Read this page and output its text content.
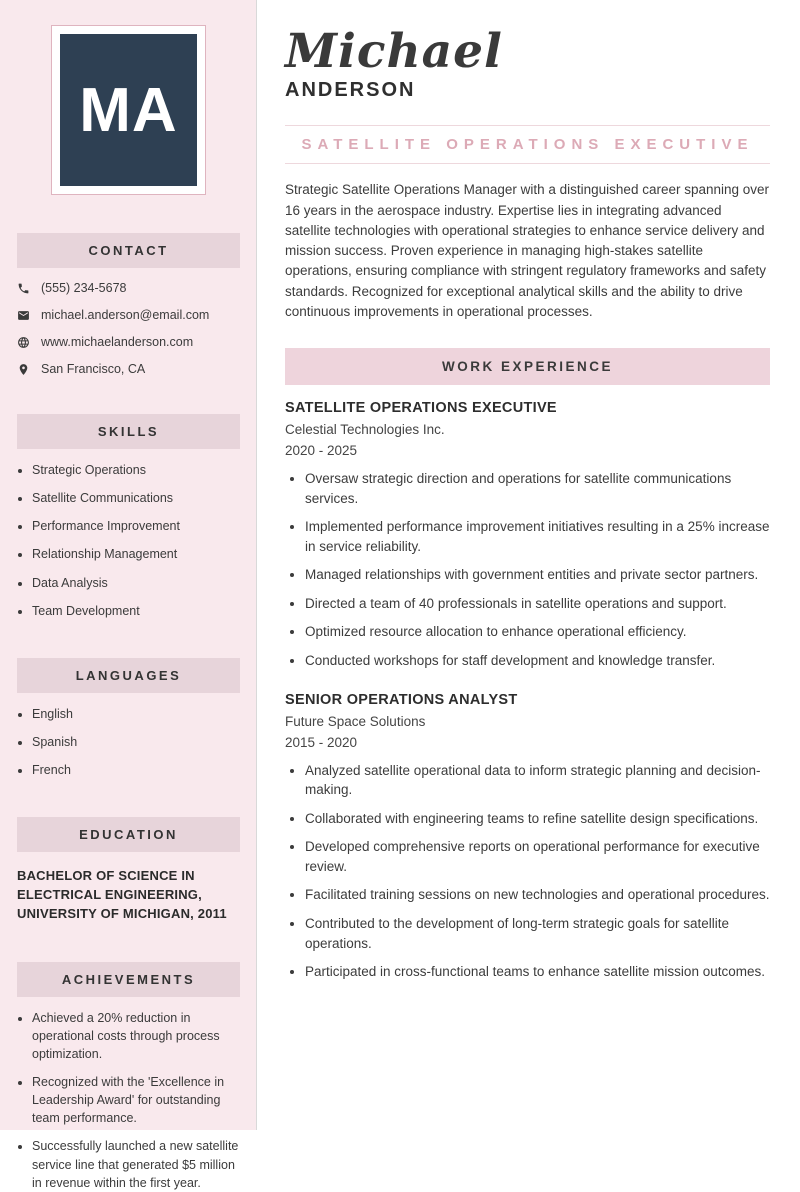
MA
CONTACT
(555) 234-5678
michael.anderson@email.com
www.michaelanderson.com
San Francisco, CA
SKILLS
• Strategic Operations
• Satellite Communications
• Performance Improvement
• Relationship Management
• Data Analysis
• Team Development
LANGUAGES
• English
• Spanish
• French
EDUCATION
BACHELOR OF SCIENCE IN ELECTRICAL ENGINEERING, UNIVERSITY OF MICHIGAN, 2011
ACHIEVEMENTS
• Achieved a 20% reduction in operational costs through process optimization.
• Recognized with the 'Excellence in Leadership Award' for outstanding team performance.
• Successfully launched a new satellite service line that generated $5 million in revenue within the first year.
Michael
ANDERSON
SATELLITE OPERATIONS EXECUTIVE

Strategic Satellite Operations Manager with a distinguished career spanning over 16 years in the aerospace industry. Expertise lies in integrating advanced satellite technologies with operational strategies to enhance service delivery and mission success. Proven experience in managing high-stakes satellite operations, ensuring compliance with stringent regulatory frameworks and safety standards. Recognized for exceptional analytical skills and the ability to drive continuous improvements in operational processes.

WORK EXPERIENCE
SATELLITE OPERATIONS EXECUTIVE
Celestial Technologies Inc.
2020 - 2025
• Oversaw strategic direction and operations for satellite communications services.
• Implemented performance improvement initiatives resulting in a 25% increase in service reliability.
• Managed relationships with government entities and private sector partners.
• Directed a team of 40 professionals in satellite operations and support.
• Optimized resource allocation to enhance operational efficiency.
• Conducted workshops for staff development and knowledge transfer.
SENIOR OPERATIONS ANALYST
Future Space Solutions
2015 - 2020
• Analyzed satellite operational data to inform strategic planning and decision-making.
• Collaborated with engineering teams to refine satellite design specifications.
• Developed comprehensive reports on operational performance for executive review.
• Facilitated training sessions on new technologies and operational procedures.
• Contributed to the development of long-term strategic goals for satellite operations.
• Participated in cross-functional teams to enhance satellite mission outcomes.
